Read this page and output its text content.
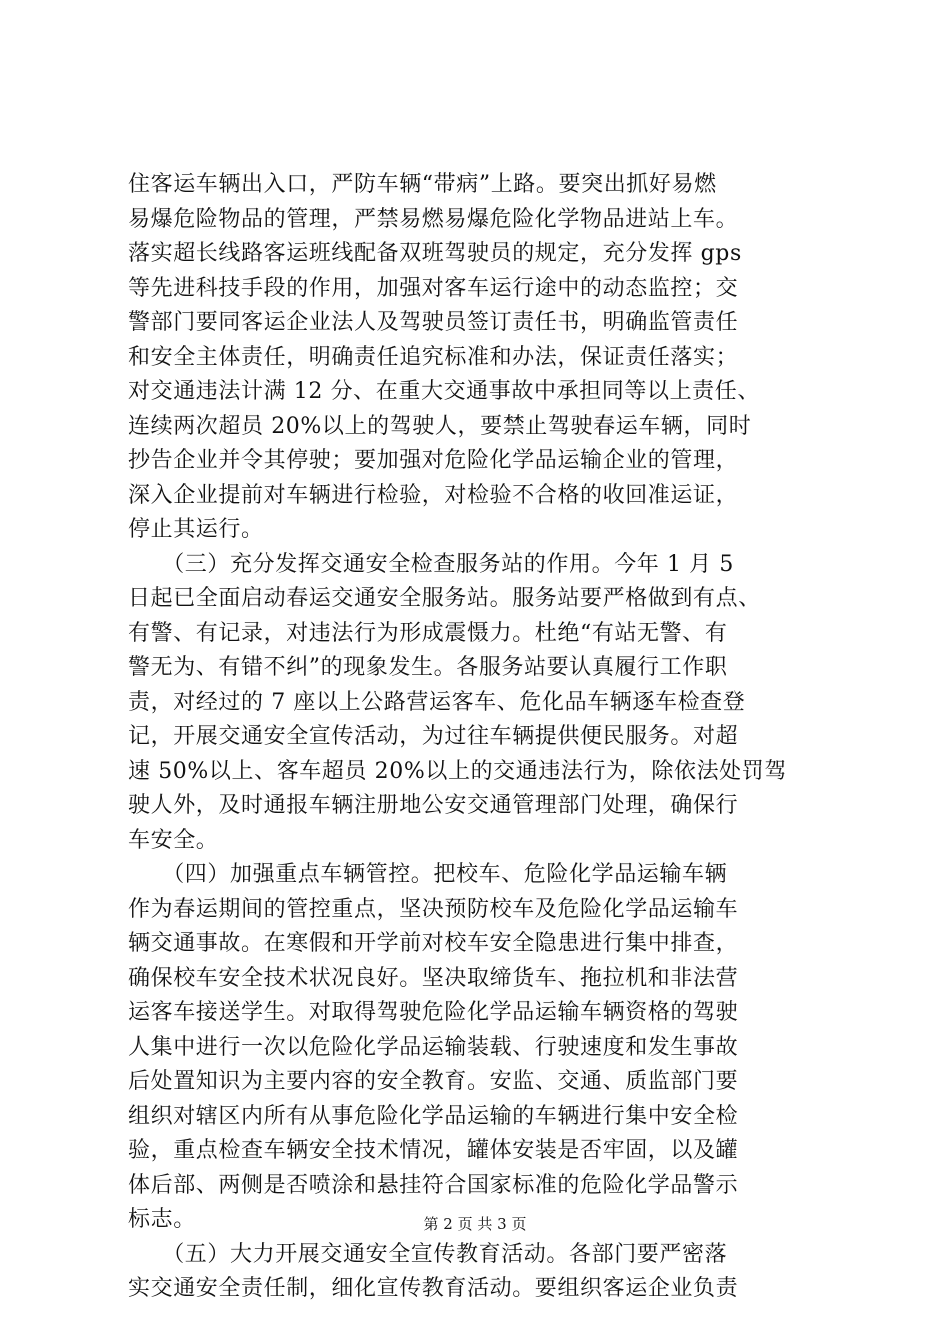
住客运车辆出入口，严防车辆“带病”上路。要突出抓好易燃
易爆危险物品的管理，严禁易燃易爆危险化学物品进站上车。
落实超长线路客运班线配备双班驾驶员的规定，充分发挥 gps
等先进科技手段的作用，加强对客车运行途中的动态监控；交
警部门要同客运企业法人及驾驶员签订责任书，明确监管责任
和安全主体责任，明确责任追究标准和办法，保证责任落实；
对交通违法计满 12 分、在重大交通事故中承担同等以上责任、
连续两次超员 20%以上的驾驶人，要禁止驾驶春运车辆，同时
抄告企业并令其停驶；要加强对危险化学品运输企业的管理，
深入企业提前对车辆进行检验，对检验不合格的收回准运证，
停止其运行。
　　（三）充分发挥交通安全检查服务站的作用。今年 1 月 5
日起已全面启动春运交通安全服务站。服务站要严格做到有点、
有警、有记录，对违法行为形成震慑力。杜绝“有站无警、有
警无为、有错不纠”的现象发生。各服务站要认真履行工作职
责，对经过的 7 座以上公路营运客车、危化品车辆逐车检查登
记，开展交通安全宣传活动，为过往车辆提供便民服务。对超
速 50%以上、客车超员 20%以上的交通违法行为，除依法处罚驾
驶人外，及时通报车辆注册地公安交通管理部门处理，确保行
车安全。
　　（四）加强重点车辆管控。把校车、危险化学品运输车辆
作为春运期间的管控重点，坚决预防校车及危险化学品运输车
辆交通事故。在寒假和开学前对校车安全隐患进行集中排查，
确保校车安全技术状况良好。坚决取缔货车、拖拉机和非法营
运客车接送学生。对取得驾驶危险化学品运输车辆资格的驾驶
人集中进行一次以危险化学品运输装载、行驶速度和发生事故
后处置知识为主要内容的安全教育。安监、交通、质监部门要
组织对辖区内所有从事危险化学品运输的车辆进行集中安全检
验，重点检查车辆安全技术情况，罐体安装是否牢固，以及罐
体后部、两侧是否喷涂和悬挂符合国家标准的危险化学品警示
标志。
　　（五）大力开展交通安全宣传教育活动。各部门要严密落
实交通安全责任制，细化宣传教育活动。要组织客运企业负责
第 2 页 共 3 页
